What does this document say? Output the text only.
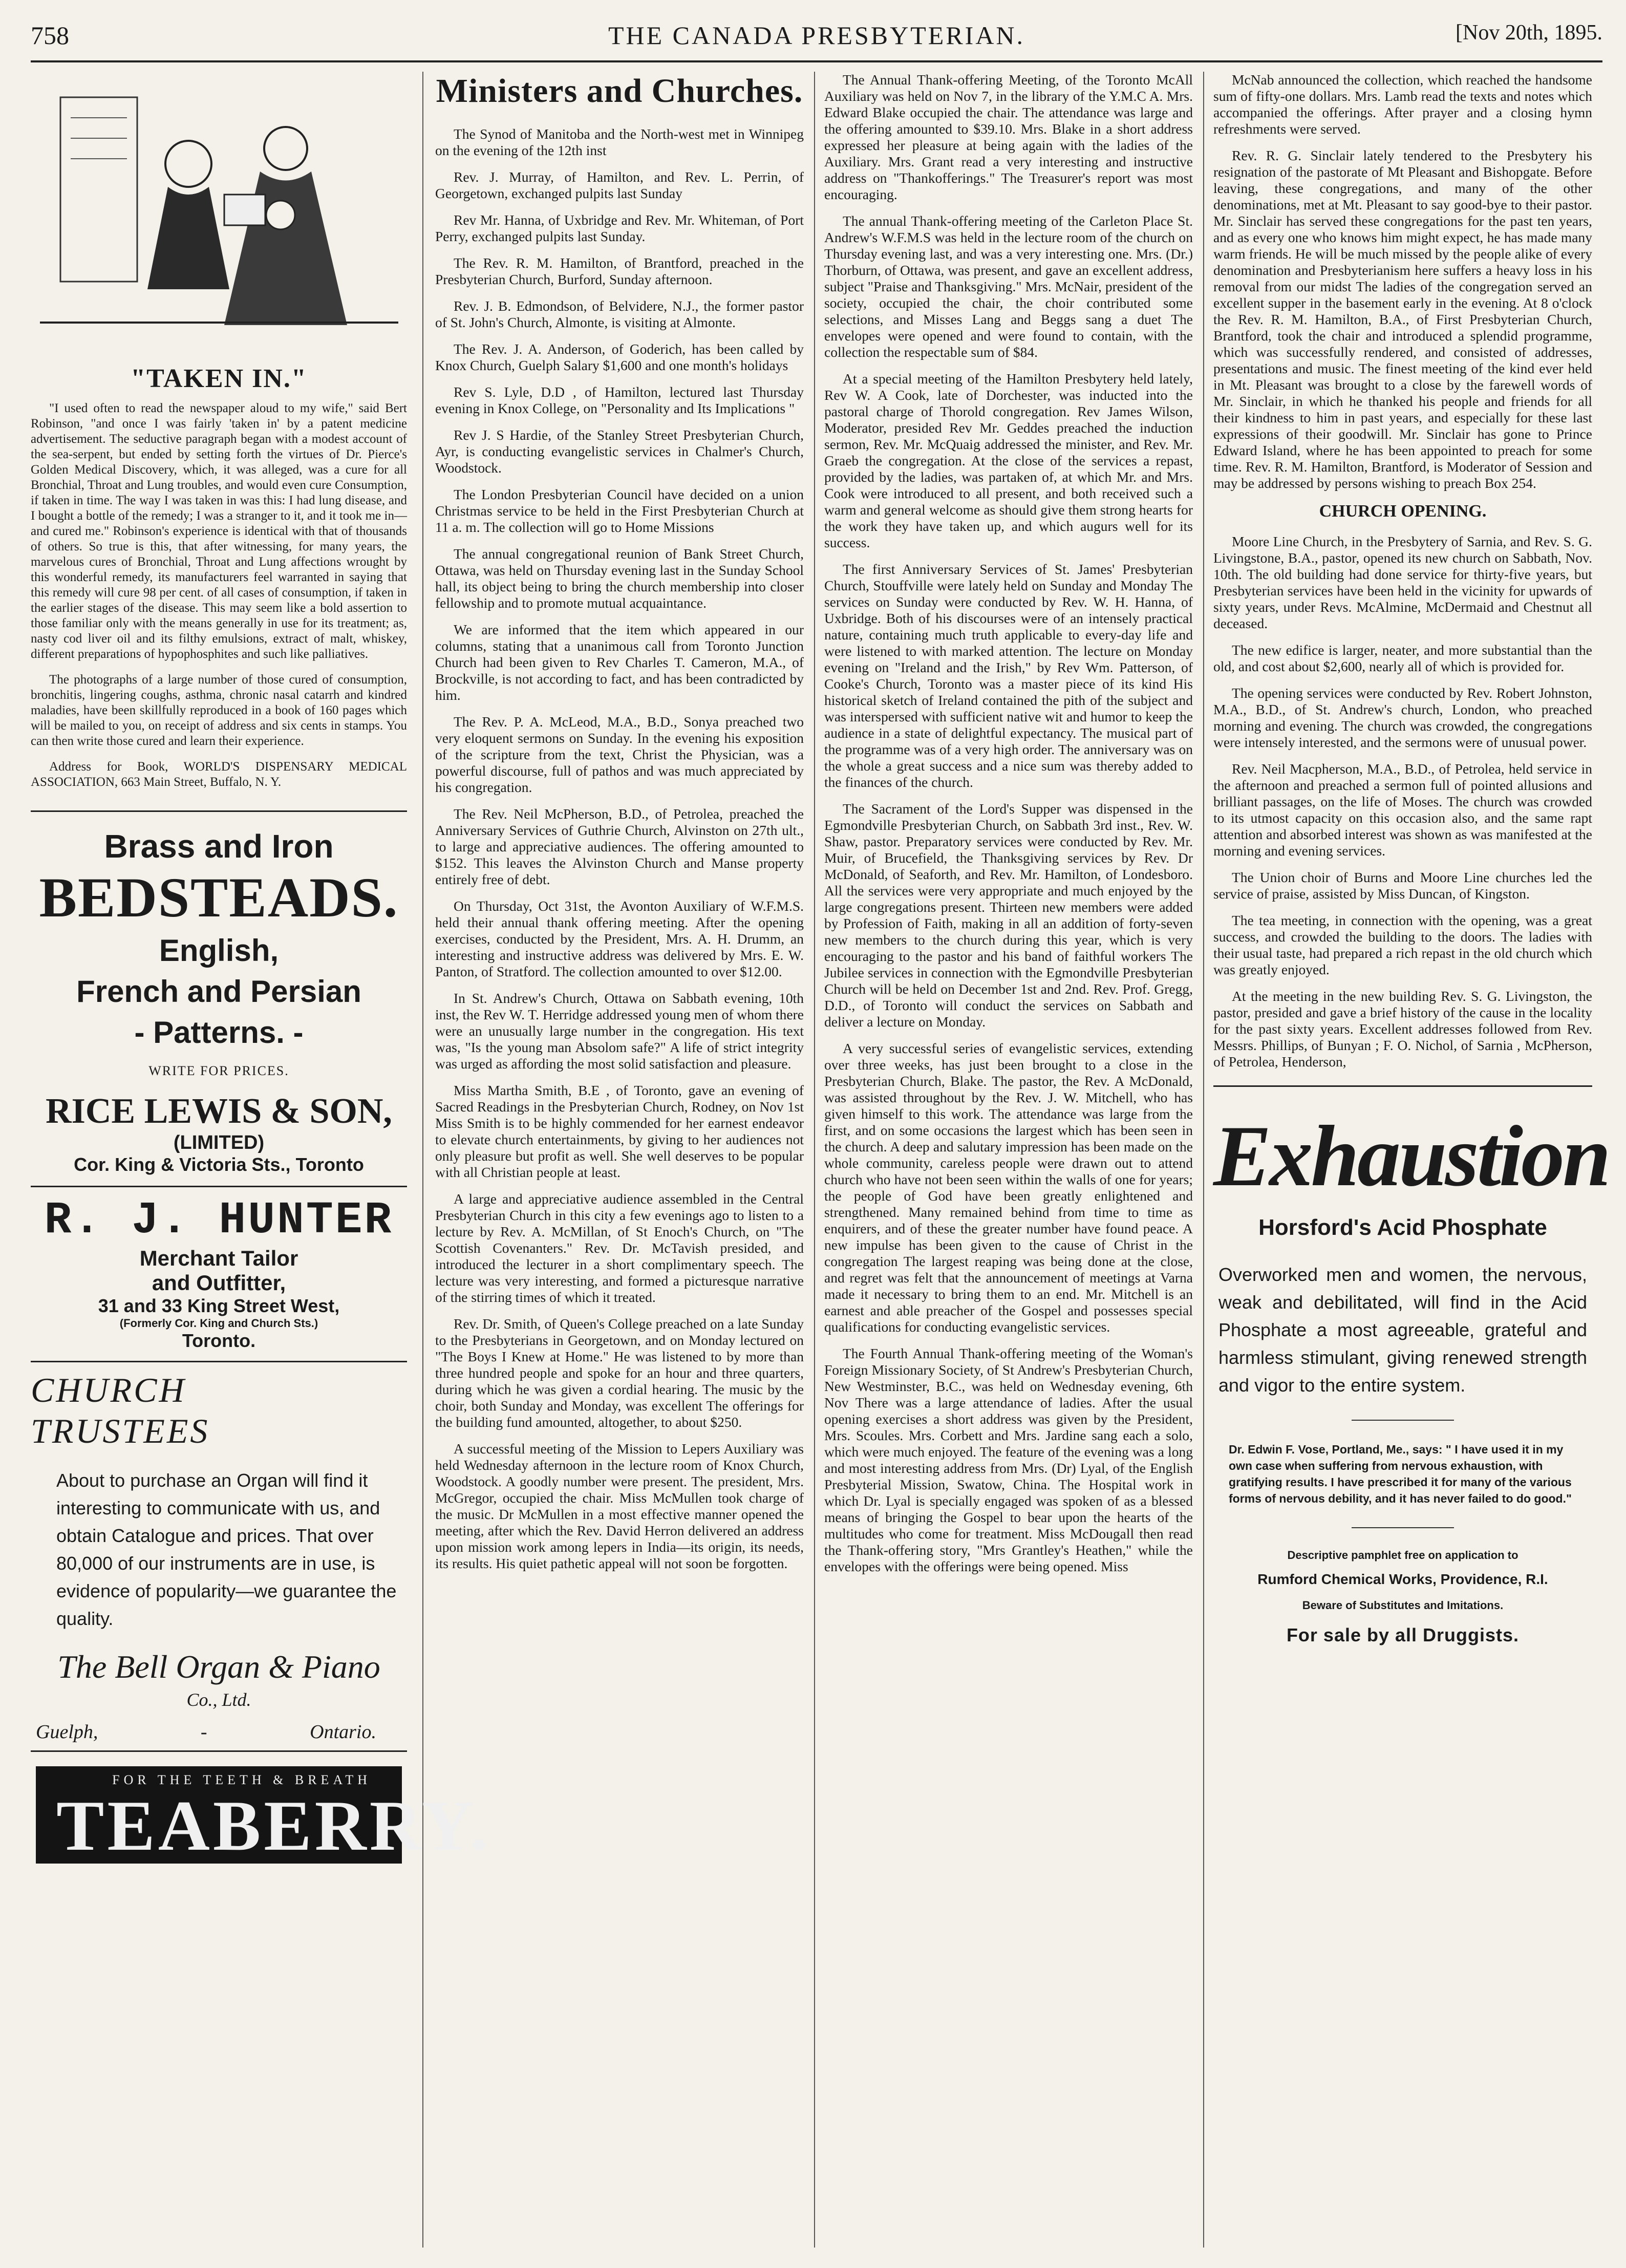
758	THE CANADA PRESBYTERIAN.	[Nov 20th, 1895.
"TAKEN IN."

"I used often to read the newspaper aloud to my wife," said Bert Robinson, "and once I was fairly 'taken in' by a patent medicine advertisement. The seductive paragraph began with a modest account of the sea-serpent, but ended by setting forth the virtues of Dr. Pierce's Golden Medical Discovery, which, it was alleged, was a cure for all Bronchial, Throat and Lung troubles, and would even cure Consumption, if taken in time. The way I was taken in was this: I had lung disease, and I bought a bottle of the remedy; I was a stranger to it, and it took me in—and cured me." Robinson's experience is identical with that of thousands of others. So true is this, that after witnessing, for many years, the marvelous cures of Bronchial, Throat and Lung affections wrought by this wonderful remedy, its manufacturers feel warranted in saying that this remedy will cure 98 per cent. of all cases of consumption, if taken in the earlier stages of the disease. This may seem like a bold assertion to those familiar only with the means generally in use for its treatment; as, nasty cod liver oil and its filthy emulsions, extract of malt, whiskey, different preparations of hypophosphites and such like palliatives.

The photographs of a large number of those cured of consumption, bronchitis, lingering coughs, asthma, chronic nasal catarrh and kindred maladies, have been skillfully reproduced in a book of 160 pages which will be mailed to you, on receipt of address and six cents in stamps. You can then write those cured and learn their experience.

Address for Book, WORLD'S DISPENSARY MEDICAL ASSOCIATION, 663 Main Street, Buffalo, N. Y.

Brass and Iron
BEDSTEADS.
English,
French and Persian
- Patterns. -
WRITE FOR PRICES.
RICE LEWIS & SON,
(LIMITED)
Cor. King & Victoria Sts., Toronto
R. J. HUNTER
Merchant Tailor
and Outfitter,
31 and 33 King Street West,
(Formerly Cor. King and Church Sts.)
Toronto.
CHURCH
TRUSTEES
About to purchase an Organ will find it interesting to communicate with us, and obtain Catalogue and prices. That over 80,000 of our instruments are in use, is evidence of popularity—we guarantee the quality.
The Bell Organ & Piano
Co., Ltd.
Guelph,	-	Ontario.
FOR THE TEETH & BREATH
TEABERRY.
Ministers and Churches.

The Synod of Manitoba and the North-west met in Winnipeg on the evening of the 12th inst

Rev. J. Murray, of Hamilton, and Rev. L. Perrin, of Georgetown, exchanged pulpits last Sunday

Rev Mr. Hanna, of Uxbridge and Rev. Mr. Whiteman, of Port Perry, exchanged pulpits last Sunday.

The Rev. R. M. Hamilton, of Brantford, preached in the Presbyterian Church, Burford, Sunday afternoon.

Rev. J. B. Edmondson, of Belvidere, N.J., the former pastor of St. John's Church, Almonte, is visiting at Almonte.

The Rev. J. A. Anderson, of Goderich, has been called by Knox Church, Guelph Salary $1,600 and one month's holidays

Rev S. Lyle, D.D , of Hamilton, lectured last Thursday evening in Knox College, on "Personality and Its Implications "

Rev J. S Hardie, of the Stanley Street Presbyterian Church, Ayr, is conducting evangelistic services in Chalmer's Church, Woodstock.

The London Presbyterian Council have decided on a union Christmas service to be held in the First Presbyterian Church at 11 a. m. The collection will go to Home Missions

The annual congregational reunion of Bank Street Church, Ottawa, was held on Thursday evening last in the Sunday School hall, its object being to bring the church membership into closer fellowship and to promote mutual acquaintance.

We are informed that the item which appeared in our columns, stating that a unanimous call from Toronto Junction Church had been given to Rev Charles T. Cameron, M.A., of Brockville, is not according to fact, and has been contradicted by him.

The Rev. P. A. McLeod, M.A., B.D., Sonya preached two very eloquent sermons on Sunday. In the evening his exposition of the scripture from the text, Christ the Physician, was a powerful discourse, full of pathos and was much appreciated by his congregation.

The Rev. Neil McPherson, B.D., of Petrolea, preached the Anniversary Services of Guthrie Church, Alvinston on 27th ult., to large and appreciative audiences. The offering amounted to $152. This leaves the Alvinston Church and Manse property entirely free of debt.

On Thursday, Oct 31st, the Avonton Auxiliary of W.F.M.S. held their annual thank offering meeting. After the opening exercises, conducted by the President, Mrs. A. H. Drumm, an interesting and instructive address was delivered by Mrs. E. W. Panton, of Stratford. The collection amounted to over $12.00.

In St. Andrew's Church, Ottawa on Sabbath evening, 10th inst, the Rev W. T. Herridge addressed young men of whom there were an unusually large number in the congregation. His text was, "Is the young man Absolom safe?" A life of strict integrity was urged as affording the most solid satisfaction and pleasure.

Miss Martha Smith, B.E , of Toronto, gave an evening of Sacred Readings in the Presbyterian Church, Rodney, on Nov 1st Miss Smith is to be highly commended for her earnest endeavor to elevate church entertainments, by giving to her audiences not only pleasure but profit as well. She well deserves to be popular with all Christian people at least.

A large and appreciative audience assembled in the Central Presbyterian Church in this city a few evenings ago to listen to a lecture by Rev. A. McMillan, of St Enoch's Church, on "The Scottish Covenanters." Rev. Dr. McTavish presided, and introduced the lecturer in a short complimentary speech. The lecture was very interesting, and formed a picturesque narrative of the stirring times of which it treated.

Rev. Dr. Smith, of Queen's College preached on a late Sunday to the Presbyterians in Georgetown, and on Monday lectured on "The Boys I Knew at Home." He was listened to by more than three hundred people and spoke for an hour and three quarters, during which he was given a cordial hearing. The music by the choir, both Sunday and Monday, was excellent The offerings for the building fund amounted, altogether, to about $250.

A successful meeting of the Mission to Lepers Auxiliary was held Wednesday afternoon in the lecture room of Knox Church, Woodstock. A goodly number were present. The president, Mrs. McGregor, occupied the chair. Miss McMullen took charge of the music. Dr McMullen in a most effective manner opened the meeting, after which the Rev. David Herron delivered an address upon mission work among lepers in India—its origin, its needs, its results. His quiet pathetic appeal will not soon be forgotten.

The Annual Thank-offering Meeting, of the Toronto McAll Auxiliary was held on Nov 7, in the library of the Y.M.C A. Mrs. Edward Blake occupied the chair. The attendance was large and the offering amounted to $39.10. Mrs. Blake in a short address expressed her pleasure at being again with the ladies of the Auxiliary. Mrs. Grant read a very interesting and instructive address on "Thankofferings." The Treasurer's report was most encouraging.

The annual Thank-offering meeting of the Carleton Place St. Andrew's W.F.M.S was held in the lecture room of the church on Thursday evening last, and was a very interesting one. Mrs. (Dr.) Thorburn, of Ottawa, was present, and gave an excellent address, subject "Praise and Thanksgiving." Mrs. McNair, president of the society, occupied the chair, the choir contributed some selections, and Misses Lang and Beggs sang a duet The envelopes were opened and were found to contain, with the collection the respectable sum of $84.

At a special meeting of the Hamilton Presbytery held lately, Rev W. A Cook, late of Dorchester, was inducted into the pastoral charge of Thorold congregation. Rev James Wilson, Moderator, presided Rev Mr. Geddes preached the induction sermon, Rev. Mr. McQuaig addressed the minister, and Rev. Mr. Graeb the congregation. At the close of the services a repast, provided by the ladies, was partaken of, at which Mr. and Mrs. Cook were introduced to all present, and both received such a warm and general welcome as should give them strong hearts for the work they have taken up, and which augurs well for its success.

The first Anniversary Services of St. James' Presbyterian Church, Stouffville were lately held on Sunday and Monday The services on Sunday were conducted by Rev. W. H. Hanna, of Uxbridge. Both of his discourses were of an intensely practical nature, containing much truth applicable to every-day life and were listened to with marked attention. The lecture on Monday evening on "Ireland and the Irish," by Rev Wm. Patterson, of Cooke's Church, Toronto was a master piece of its kind His historical sketch of Ireland contained the pith of the subject and was interspersed with sufficient native wit and humor to keep the audience in a state of delightful expectancy. The musical part of the programme was of a very high order. The anniversary was on the whole a great success and a nice sum was thereby added to the finances of the church.

The Sacrament of the Lord's Supper was dispensed in the Egmondville Presbyterian Church, on Sabbath 3rd inst., Rev. W. Shaw, pastor. Preparatory services were conducted by Rev. Mr. Muir, of Brucefield, the Thanksgiving services by Rev. Dr McDonald, of Seaforth, and Rev. Mr. Hamilton, of Londesboro. All the services were very appropriate and much enjoyed by the large congregations present. Thirteen new members were added by Profession of Faith, making in all an addition of forty-seven new members to the church during this year, which is very encouraging to the pastor and his band of faithful workers The Jubilee services in connection with the Egmondville Presbyterian Church will be held on December 1st and 2nd. Rev. Prof. Gregg, D.D., of Toronto will conduct the services on Sabbath and deliver a lecture on Monday.

A very successful series of evangelistic services, extending over three weeks, has just been brought to a close in the Presbyterian Church, Blake. The pastor, the Rev. A McDonald, was assisted throughout by the Rev. J. W. Mitchell, who has given himself to this work. The attendance was large from the first, and on some occasions the largest which has been seen in the church. A deep and salutary impression has been made on the whole community, careless people were drawn out to attend church who have not been seen within the walls of one for years; the people of God have been greatly enlightened and strengthened. Many remained behind from time to time as enquirers, and of these the greater number have found peace. A new impulse has been given to the cause of Christ in the congregation The largest reaping was being done at the close, and regret was felt that the announcement of meetings at Varna made it necessary to bring them to an end. Mr. Mitchell is an earnest and able preacher of the Gospel and possesses special qualifications for conducting evangelistic services.

The Fourth Annual Thank-offering meeting of the Woman's Foreign Missionary Society, of St Andrew's Presbyterian Church, New Westminster, B.C., was held on Wednesday evening, 6th Nov There was a large attendance of ladies. After the usual opening exercises a short address was given by the President, Mrs. Scoules. Mrs. Corbett and Mrs. Jardine sang each a solo, which were much enjoyed. The feature of the evening was a long and most interesting address from Mrs. (Dr) Lyal, of the English Presbyterial Mission, Swatow, China. The Hospital work in which Dr. Lyal is specially engaged was spoken of as a blessed means of bringing the Gospel to bear upon the hearts of the multitudes who come for treatment. Miss McDougall then read the Thank-offering story, "Mrs Grantley's Heathen," while the envelopes with the offerings were being opened. Miss

McNab announced the collection, which reached the handsome sum of fifty-one dollars. Mrs. Lamb read the texts and notes which accompanied the offerings. After prayer and a closing hymn refreshments were served.

Rev. R. G. Sinclair lately tendered to the Presbytery his resignation of the pastorate of Mt Pleasant and Bishopgate. Before leaving, these congregations, and many of the other denominations, met at Mt. Pleasant to say good-bye to their pastor. Mr. Sinclair has served these congregations for the past ten years, and as every one who knows him might expect, he has made many warm friends. He will be much missed by the people alike of every denomination and Presbyterianism here suffers a heavy loss in his removal from our midst The ladies of the congregation served an excellent supper in the basement early in the evening. At 8 o'clock the Rev. R. M. Hamilton, B.A., of First Presbyterian Church, Brantford, took the chair and introduced a splendid programme, which was successfully rendered, and consisted of addresses, presentations and music. The finest meeting of the kind ever held in Mt. Pleasant was brought to a close by the farewell words of Mr. Sinclair, in which he thanked his people and friends for all their kindness to him in past years, and especially for these last expressions of their goodwill. Mr. Sinclair has gone to Prince Edward Island, where he has been appointed to preach for some time. Rev. R. M. Hamilton, Brantford, is Moderator of Session and may be addressed by persons wishing to preach Box 254.

CHURCH OPENING.

Moore Line Church, in the Presbytery of Sarnia, and Rev. S. G. Livingstone, B.A., pastor, opened its new church on Sabbath, Nov. 10th. The old building had done service for thirty-five years, but Presbyterian services have been held in the vicinity for upwards of sixty years, under Revs. McAlmine, McDermaid and Chestnut all deceased.

The new edifice is larger, neater, and more substantial than the old, and cost about $2,600, nearly all of which is provided for.

The opening services were conducted by Rev. Robert Johnston, M.A., B.D., of St. Andrew's church, London, who preached morning and evening. The church was crowded, the congregations were intensely interested, and the sermons were of unusual power.

Rev. Neil Macpherson, M.A., B.D., of Petrolea, held service in the afternoon and preached a sermon full of pointed allusions and brilliant passages, on the life of Moses. The church was crowded to its utmost capacity on this occasion also, and the same rapt attention and absorbed interest was shown as was manifested at the morning and evening services.

The Union choir of Burns and Moore Line churches led the service of praise, assisted by Miss Duncan, of Kingston.

The tea meeting, in connection with the opening, was a great success, and crowded the building to the doors. The ladies with their usual taste, had prepared a rich repast in the old church which was greatly enjoyed.

At the meeting in the new building Rev. S. G. Livingston, the pastor, presided and gave a brief history of the cause in the locality for the past sixty years. Excellent addresses followed from Rev. Messrs. Phillips, of Bunyan ; F. O. Nichol, of Sarnia , McPherson, of Petrolea, Henderson,

Exhaustion
Horsford's Acid Phosphate
Overworked men and women, the nervous, weak and debilitated, will find in the Acid Phosphate a most agreeable, grateful and harmless stimulant, giving renewed strength and vigor to the entire system.
Dr. Edwin F. Vose, Portland, Me., says: " I have used it in my own case when suffering from nervous exhaustion, with gratifying results. I have prescribed it for many of the various forms of nervous debility, and it has never failed to do good."
Descriptive pamphlet free on application to
Rumford Chemical Works, Providence, R.I.
Beware of Substitutes and Imitations.
For sale by all Druggists.
